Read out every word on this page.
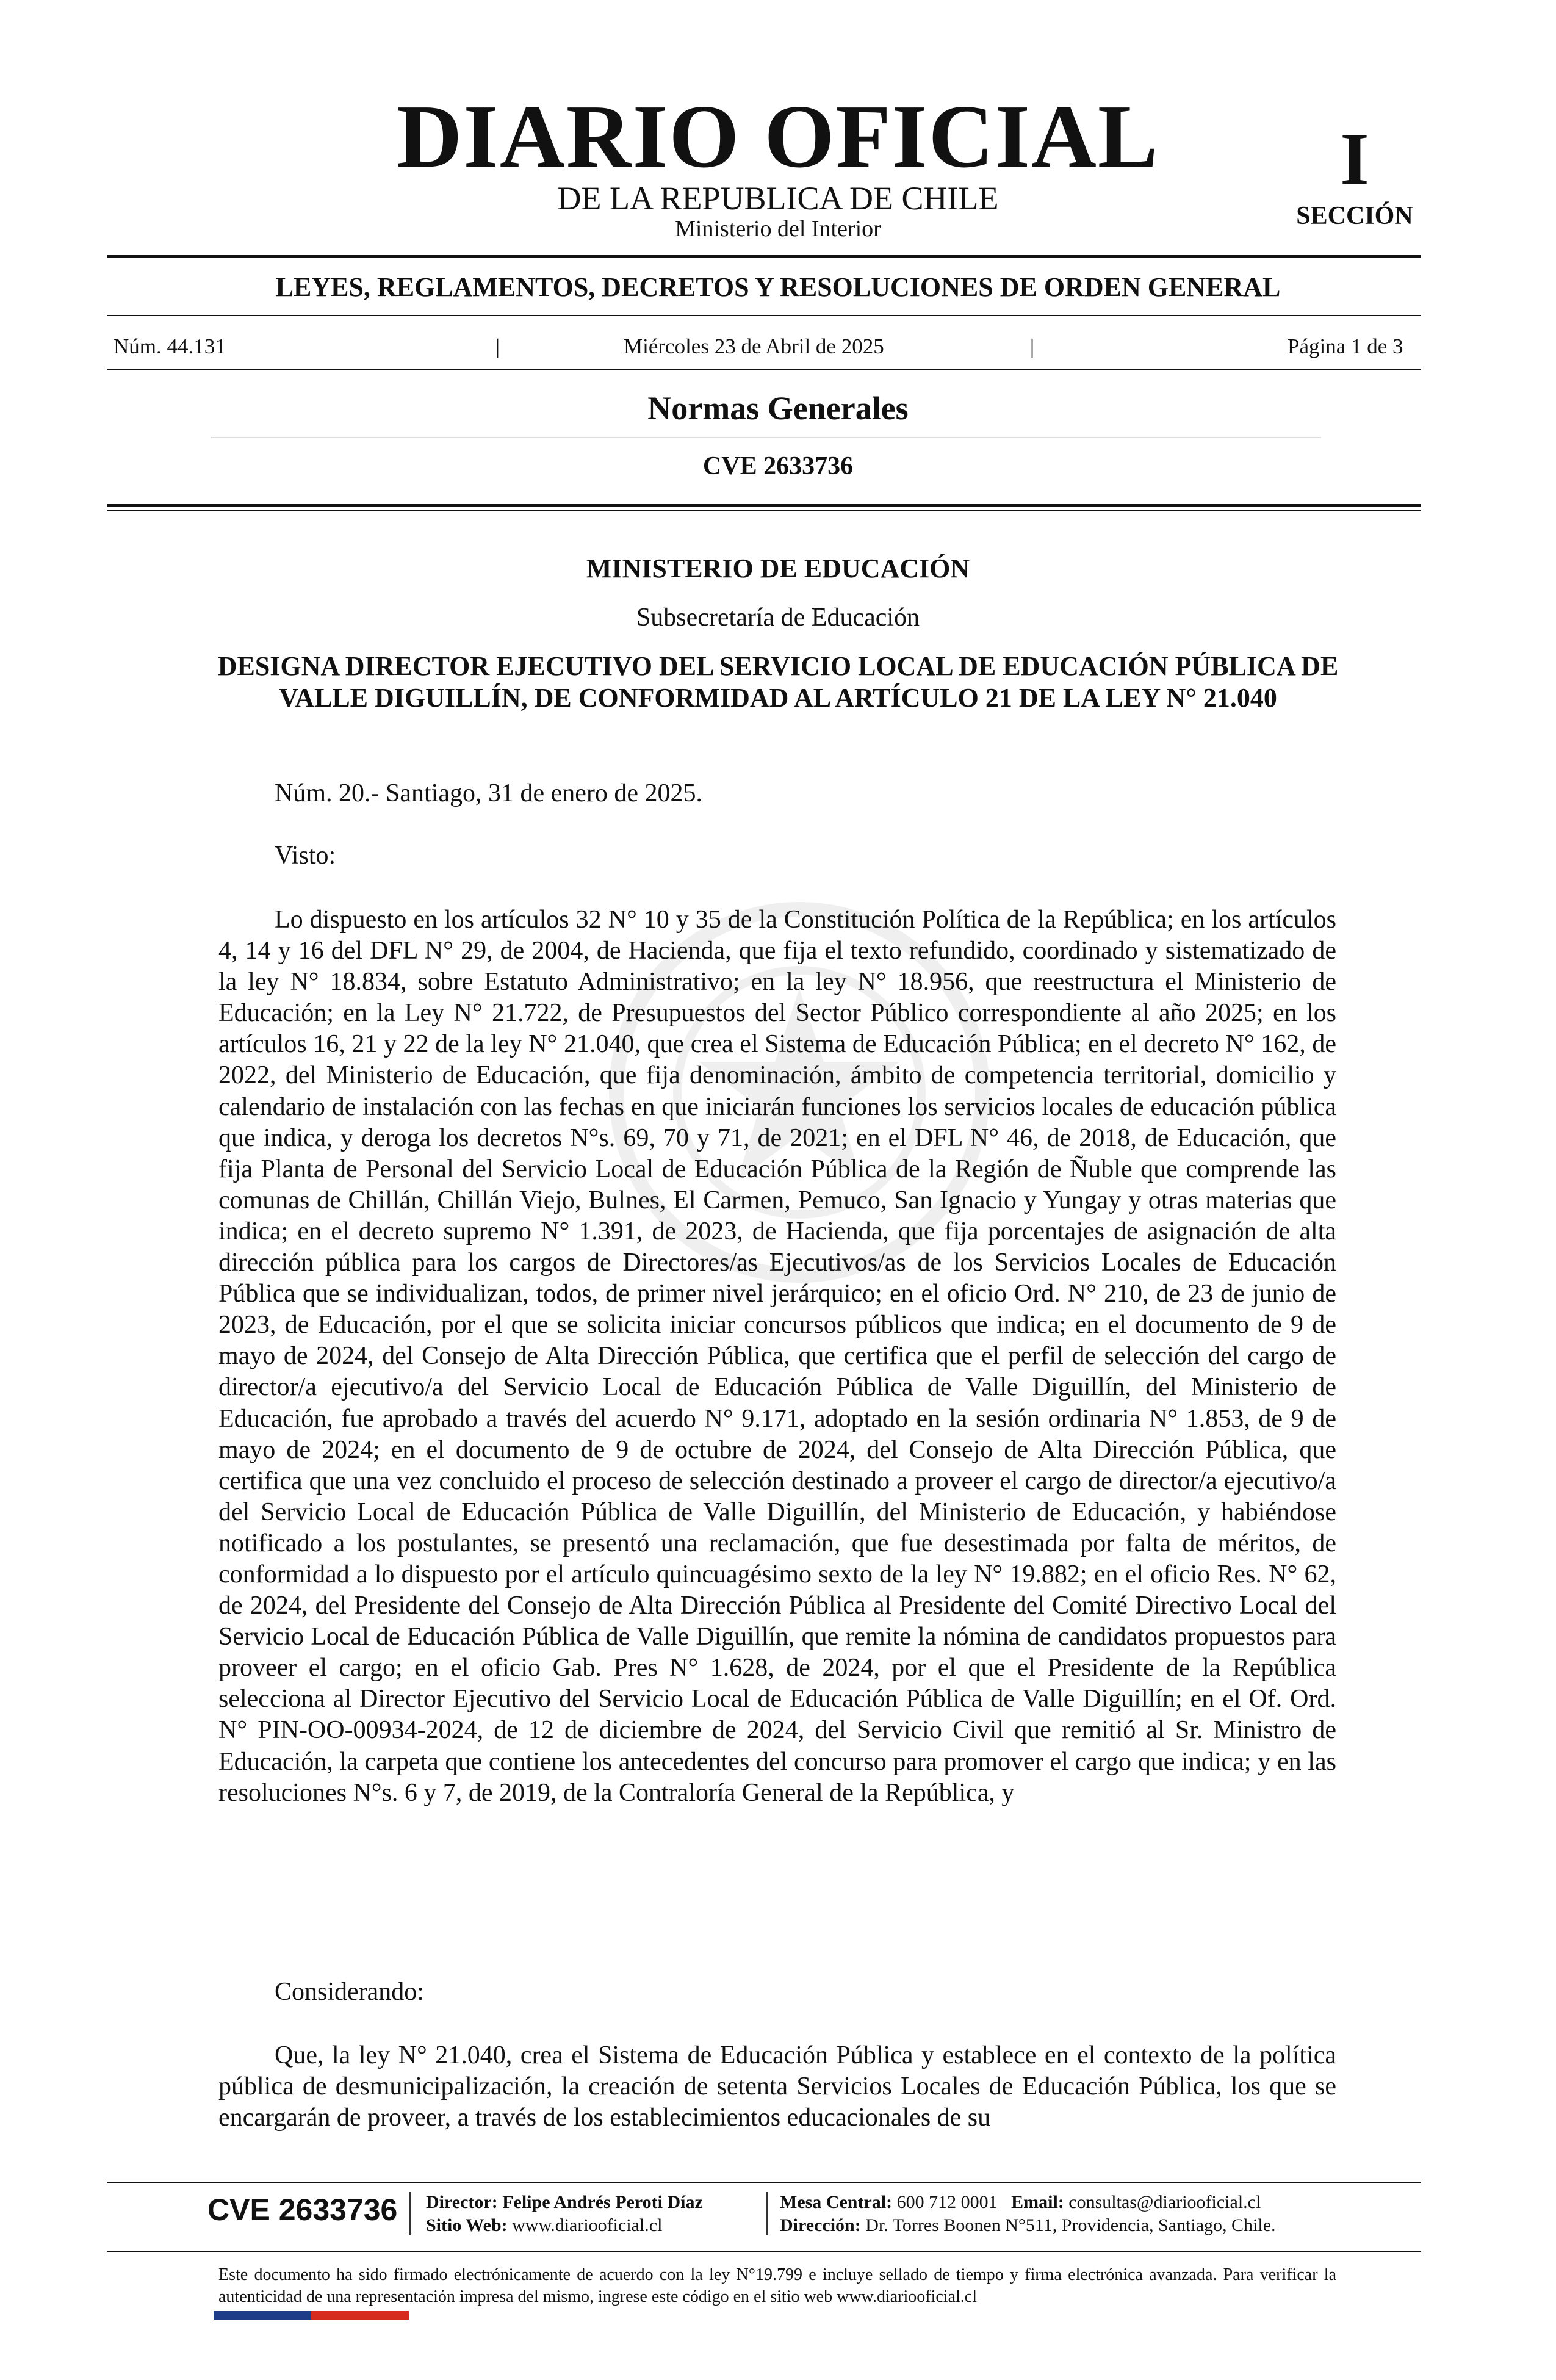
DIARIO OFICIAL
DE LA REPUBLICA DE CHILE
Ministerio del Interior
I
SECCIÓN
LEYES, REGLAMENTOS, DECRETOS Y RESOLUCIONES DE ORDEN GENERAL
Núm. 44.131	|	Miércoles 23 de Abril de 2025	|	Página 1 de 3
Normas Generales
CVE 2633736
MINISTERIO DE EDUCACIÓN
Subsecretaría de Educación
DESIGNA DIRECTOR EJECUTIVO DEL SERVICIO LOCAL DE EDUCACIÓN PÚBLICA DE VALLE DIGUILLÍN, DE CONFORMIDAD AL ARTÍCULO 21 DE LA LEY N° 21.040
Núm. 20.- Santiago, 31 de enero de 2025.
Visto:
Lo dispuesto en los artículos 32 N° 10 y 35 de la Constitución Política de la República; en los artículos 4, 14 y 16 del DFL N° 29, de 2004, de Hacienda, que fija el texto refundido, coordinado y sistematizado de la ley N° 18.834, sobre Estatuto Administrativo; en la ley N° 18.956, que reestructura el Ministerio de Educación; en la Ley N° 21.722, de Presupuestos del Sector Público correspondiente al año 2025; en los artículos 16, 21 y 22 de la ley N° 21.040, que crea el Sistema de Educación Pública; en el decreto N° 162, de 2022, del Ministerio de Educación, que fija denominación, ámbito de competencia territorial, domicilio y calendario de instalación con las fechas en que iniciarán funciones los servicios locales de educación pública que indica, y deroga los decretos N°s. 69, 70 y 71, de 2021; en el DFL N° 46, de 2018, de Educación, que fija Planta de Personal del Servicio Local de Educación Pública de la Región de Ñuble que comprende las comunas de Chillán, Chillán Viejo, Bulnes, El Carmen, Pemuco, San Ignacio y Yungay y otras materias que indica; en el decreto supremo N° 1.391, de 2023, de Hacienda, que fija porcentajes de asignación de alta dirección pública para los cargos de Directores/as Ejecutivos/as de los Servicios Locales de Educación Pública que se individualizan, todos, de primer nivel jerárquico; en el oficio Ord. N° 210, de 23 de junio de 2023, de Educación, por el que se solicita iniciar concursos públicos que indica; en el documento de 9 de mayo de 2024, del Consejo de Alta Dirección Pública, que certifica que el perfil de selección del cargo de director/a ejecutivo/a del Servicio Local de Educación Pública de Valle Diguillín, del Ministerio de Educación, fue aprobado a través del acuerdo N° 9.171, adoptado en la sesión ordinaria N° 1.853, de 9 de mayo de 2024; en el documento de 9 de octubre de 2024, del Consejo de Alta Dirección Pública, que certifica que una vez concluido el proceso de selección destinado a proveer el cargo de director/a ejecutivo/a del Servicio Local de Educación Pública de Valle Diguillín, del Ministerio de Educación, y habiéndose notificado a los postulantes, se presentó una reclamación, que fue desestimada por falta de méritos, de conformidad a lo dispuesto por el artículo quincuagésimo sexto de la ley N° 19.882; en el oficio Res. N° 62, de 2024, del Presidente del Consejo de Alta Dirección Pública al Presidente del Comité Directivo Local del Servicio Local de Educación Pública de Valle Diguillín, que remite la nómina de candidatos propuestos para proveer el cargo; en el oficio Gab. Pres N° 1.628, de 2024, por el que el Presidente de la República selecciona al Director Ejecutivo del Servicio Local de Educación Pública de Valle Diguillín; en el Of. Ord. N° PIN-OO-00934-2024, de 12 de diciembre de 2024, del Servicio Civil que remitió al Sr. Ministro de Educación, la carpeta que contiene los antecedentes del concurso para promover el cargo que indica; y en las resoluciones N°s. 6 y 7, de 2019, de la Contraloría General de la República, y
Considerando:
Que, la ley N° 21.040, crea el Sistema de Educación Pública y establece en el contexto de la política pública de desmunicipalización, la creación de setenta Servicios Locales de Educación Pública, los que se encargarán de proveer, a través de los establecimientos educacionales de su
CVE 2633736 Director: Felipe Andrés Peroti Díaz
Sitio Web: www.diariooficial.cl
Mesa Central: 600 712 0001 Email: consultas@diariooficial.cl
Dirección: Dr. Torres Boonen N°511, Providencia, Santiago, Chile.
Este documento ha sido firmado electrónicamente de acuerdo con la ley N°19.799 e incluye sellado de tiempo y firma electrónica avanzada. Para verificar la autenticidad de una representación impresa del mismo, ingrese este código en el sitio web www.diariooficial.cl
